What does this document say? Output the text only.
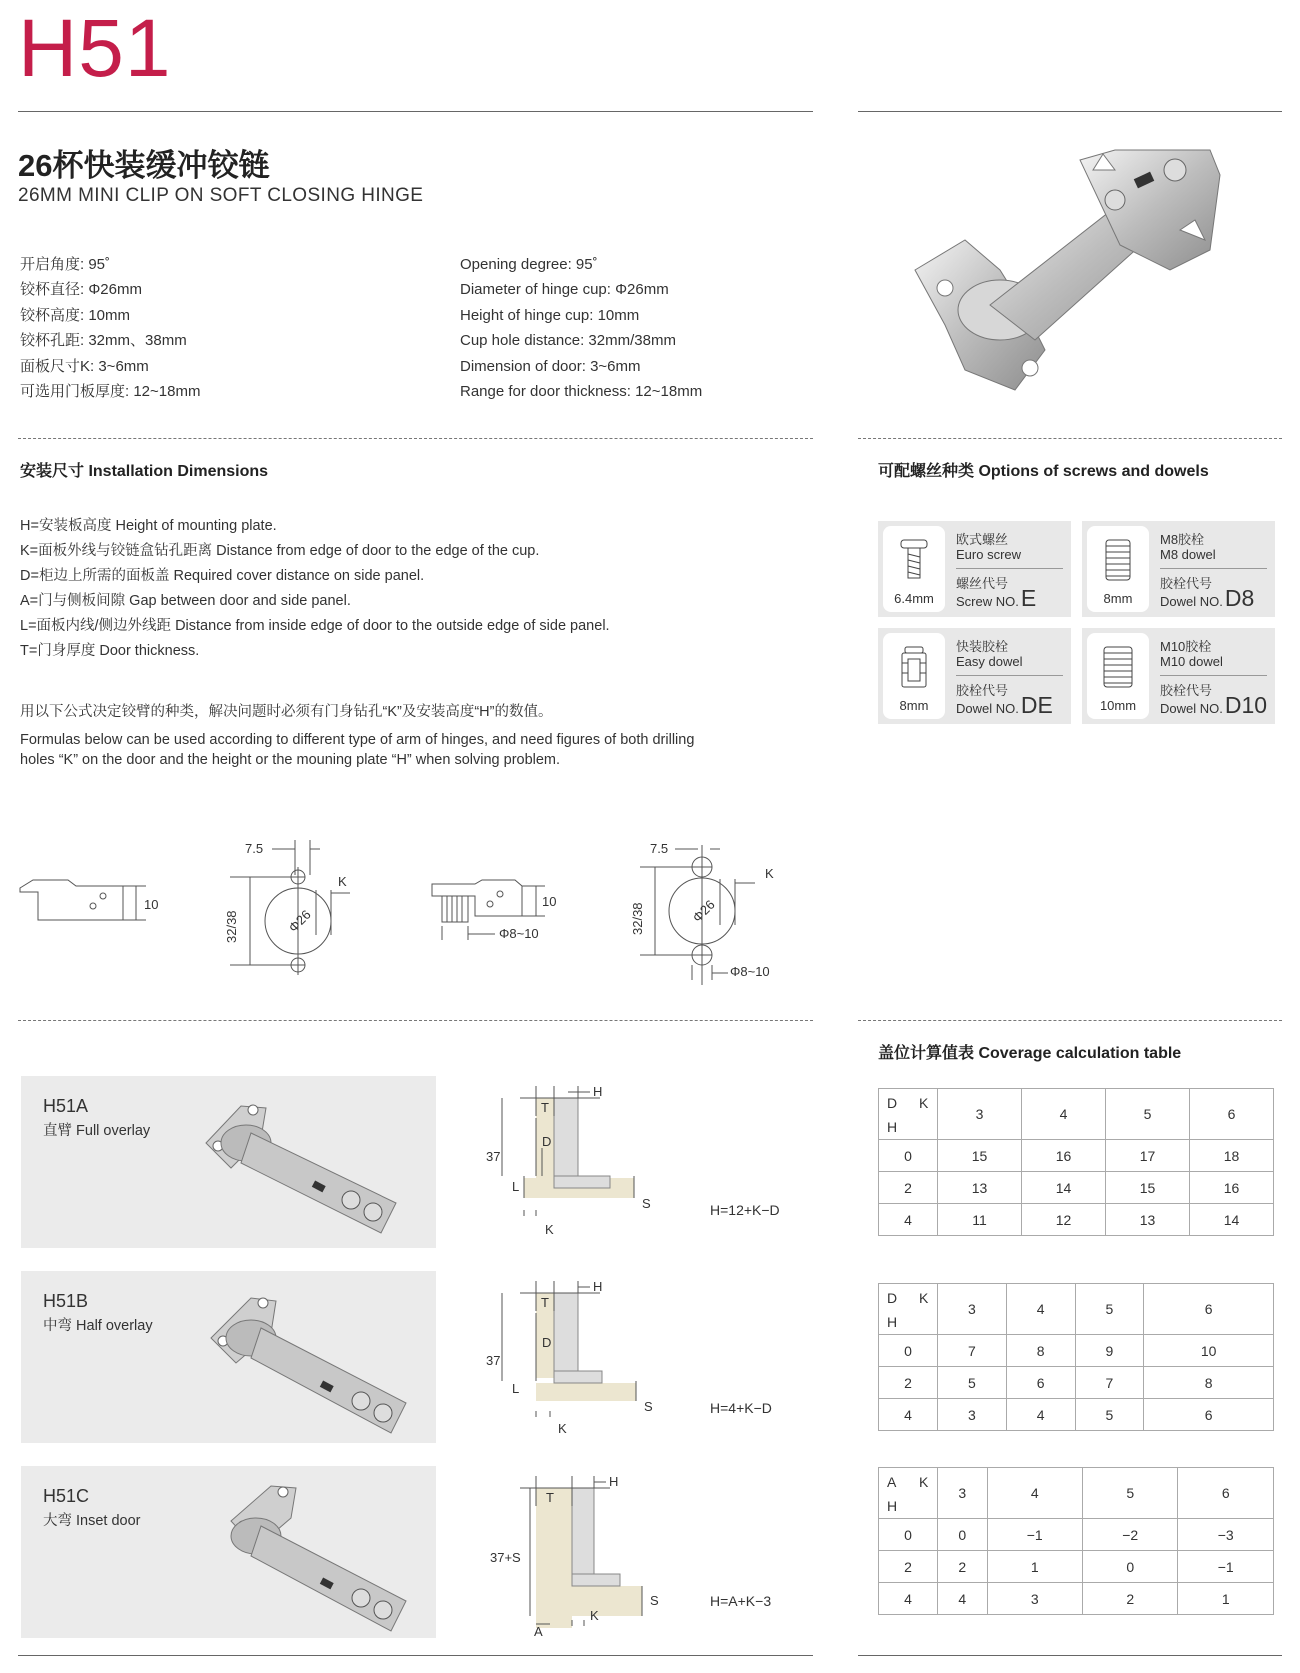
H51
26杯快装缓冲铰链
26MM MINI CLIP ON SOFT CLOSING HINGE
开启角度: 95˚
铰杯直径: Φ26mm
铰杯高度: 10mm
铰杯孔距: 32mm、38mm
面板尺寸K: 3~6mm
可选用门板厚度: 12~18mm
Opening degree: 95˚
Diameter of hinge cup: Φ26mm
Height of hinge cup: 10mm
Cup hole distance: 32mm/38mm
Dimension of door: 3~6mm
Range for door thickness: 12~18mm
安装尺寸 Installation Dimensions
H=安装板高度 Height of mounting plate.
K=面板外线与铰链盒钻孔距离 Distance from edge of door to the edge of the cup.
D=柜边上所需的面板盖 Required cover distance on side panel.
A=门与侧板间隙 Gap between door and side panel.
L=面板内线/侧边外线距 Distance from inside edge of door to the outside edge of side panel.
T=门身厚度 Door thickness.
用以下公式决定铰臂的种类，解决问题时必须有门身钻孔“K”及安装高度“H”的数值。
Formulas below can be used according to different type of arm of hinges, and need figures of both drilling holes “K” on the door and the height or the mouning plate “H” when solving problem.
10
7.5
32/38	Φ26
K
10
Φ8~10
7.5
32/38	Φ26
K
Φ8~10
可配螺丝种类 Options of screws and dowels
6.4mm
欧式螺丝
Euro screw
螺丝代号
Screw NO.E	8mm
M8胶栓
M8 dowel
胶栓代号
Dowel NO.D8
8mm
快装胶栓
Easy dowel
胶栓代号
Dowel NO.DE	10mm
M10胶栓
M10 dowel
胶栓代号
Dowel NO.D10
盖位计算值表 Coverage calculation table
H51A
直臂 Full overlay
T
D
H
37
L
S
K
H=12+K−D
H51B
中弯 Half overlay
T
D
H
37
L
S
K
H=4+K−D
H51C
大弯 Inset door
T
H
37+S
S
K
A
H=A+K−3
D K
H	3	4	5	6
0	15	16	17	18
2	13	14	15	16
4	11	12	13	14
D K
H	3	4	5	6
0	7	8	9	10
2	5	6	7	8
4	3	4	5	6
A K
H	3	4	5	6
0	0	−1	−2	−3
2	2	1	0	−1
4	4	3	2	1
